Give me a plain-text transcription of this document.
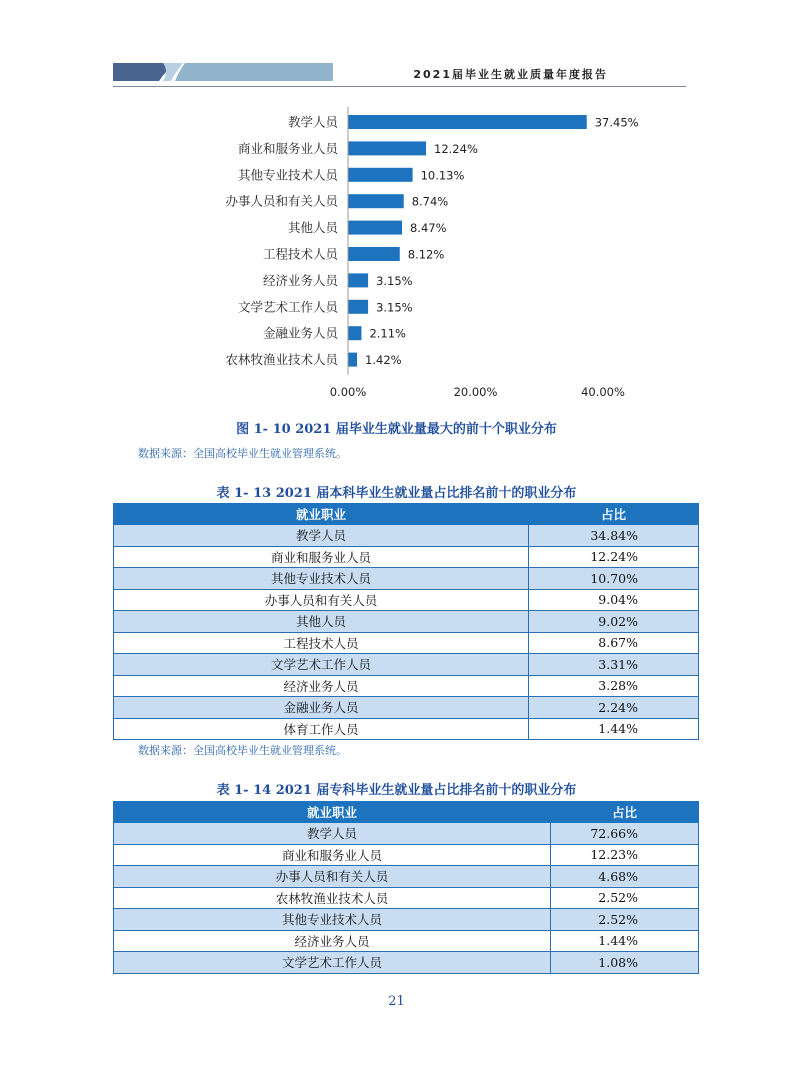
2021届毕业生就业质量年度报告
教学人员
商业和服务业人员
其他专业技术人员
办事人员和有关人员
其他人员
工程技术人员
经济业务人员
文学艺术工作人员
金融业务人员
农林牧渔业技术人员
37.45%
12.24%
10.13%
8.74%
8.47%
8.12%
3.15%
3.15%
2.11%
1.42%
0.00%	20.00%	40.00%
图 1- 10 2021 届毕业生就业量最大的前十个职业分布
数据来源：全国高校毕业生就业管理系统。
表 1- 13 2021 届本科毕业生就业量占比排名前十的职业分布
就业职业	占比
教学人员	34.84%
商业和服务业人员	12.24%
其他专业技术人员	10.70%
办事人员和有关人员	9.04%
其他人员	9.02%
工程技术人员	8.67%
文学艺术工作人员	3.31%
经济业务人员	3.28%
金融业务人员	2.24%
体育工作人员	1.44%
数据来源：全国高校毕业生就业管理系统。
表 1- 14 2021 届专科毕业生就业量占比排名前十的职业分布
就业职业	占比
教学人员	72.66%
商业和服务业人员	12.23%
办事人员和有关人员	4.68%
农林牧渔业技术人员	2.52%
其他专业技术人员	2.52%
经济业务人员	1.44%
文学艺术工作人员	1.08%
21
